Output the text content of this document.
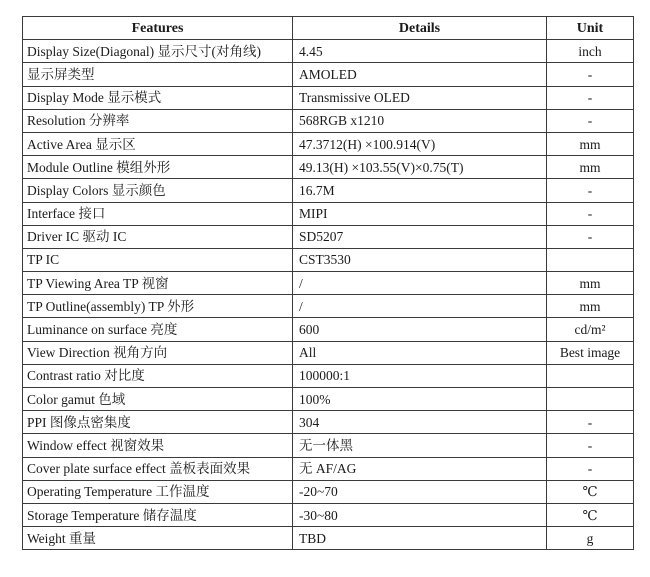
Features	Details	Unit
Display Size(Diagonal) 显示尺寸(对角线)	4.45	inch
显示屏类型	AMOLED	-
Display Mode 显示模式	Transmissive OLED	-
Resolution 分辨率	568RGB x1210	-
Active Area 显示区	47.3712(H) ×100.914(V)	mm
Module Outline 模组外形	49.13(H) ×103.55(V)×0.75(T)	mm
Display Colors 显示颜色	16.7M	-
Interface 接口	MIPI	-
Driver IC 驱动 IC	SD5207	-
TP IC	CST3530	
TP Viewing Area TP 视窗	/	mm
TP Outline(assembly) TP 外形	/	mm
Luminance on surface 亮度	600	cd/m²
View Direction 视角方向	All	Best image
Contrast ratio 对比度	100000:1	
Color gamut 色域	100%	
PPI 图像点密集度	304	-
Window effect 视窗效果	无一体黑	-
Cover plate surface effect 盖板表面效果	无 AF/AG	-
Operating Temperature 工作温度	-20~70	℃
Storage Temperature 储存温度	-30~80	℃
Weight 重量	TBD	g
